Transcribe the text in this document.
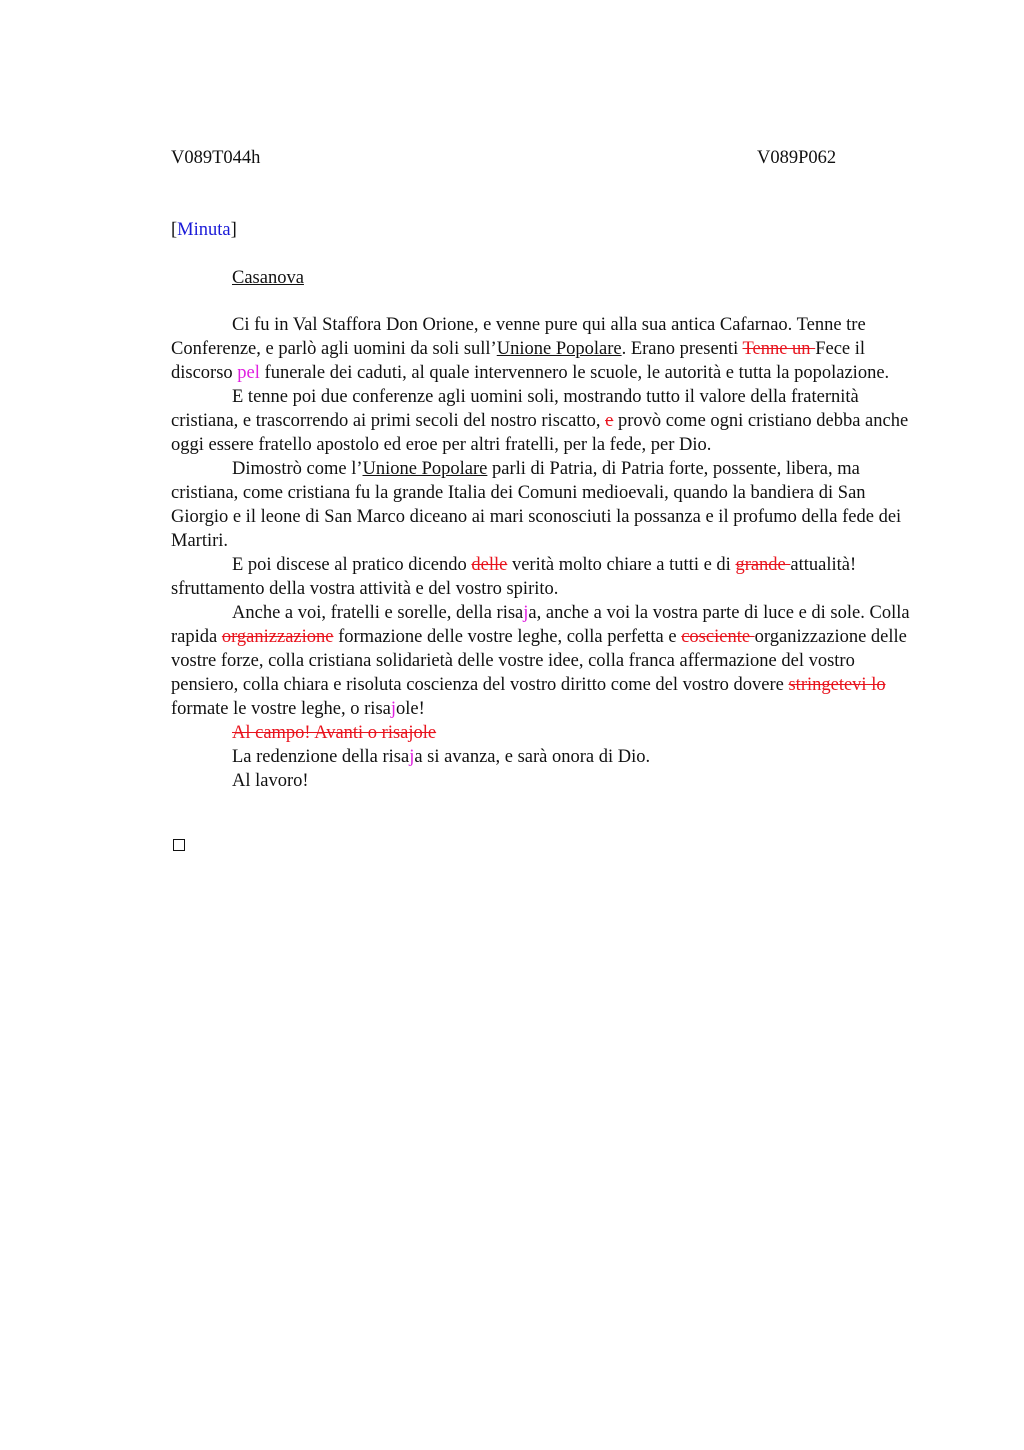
V089T044h	V089P062
[Minuta]
Casanova

Ci fu in Val Staffora Don Orione, e venne pure qui alla sua antica Cafarnao. Tenne tre Conferenze, e parlò agli uomini da soli sull’Unione Popolare. Erano presenti Tenne un Fece il discorso pel funerale dei caduti, al quale intervennero le scuole, le autorità e tutta la popolazione.

E tenne poi due conferenze agli uomini soli, mostrando tutto il valore della fraternità cristiana, e trascorrendo ai primi secoli del nostro riscatto, e provò come ogni cristiano debba anche oggi essere fratello apostolo ed eroe per altri fratelli, per la fede, per Dio.

Dimostrò come l’Unione Popolare parli di Patria, di Patria forte, possente, libera, ma cristiana, come cristiana fu la grande Italia dei Comuni medioevali, quando la bandiera di San Giorgio e il leone di San Marco diceano ai mari sconosciuti la possanza e il profumo della fede dei Martiri.

E poi discese al pratico dicendo delle verità molto chiare a tutti e di grande attualità! sfruttamento della vostra attività e del vostro spirito.

Anche a voi, fratelli e sorelle, della risaja, anche a voi la vostra parte di luce e di sole. Colla rapida organizzazione formazione delle vostre leghe, colla perfetta e cosciente organizzazione delle vostre forze, colla cristiana solidarietà delle vostre idee, colla franca affermazione del vostro pensiero, colla chiara e risoluta coscienza del vostro diritto come del vostro dovere stringetevi lo formate le vostre leghe, o risajole!

Al campo! Avanti o risajole

La redenzione della risaja si avanza, e sarà onora di Dio.

Al lavoro!
